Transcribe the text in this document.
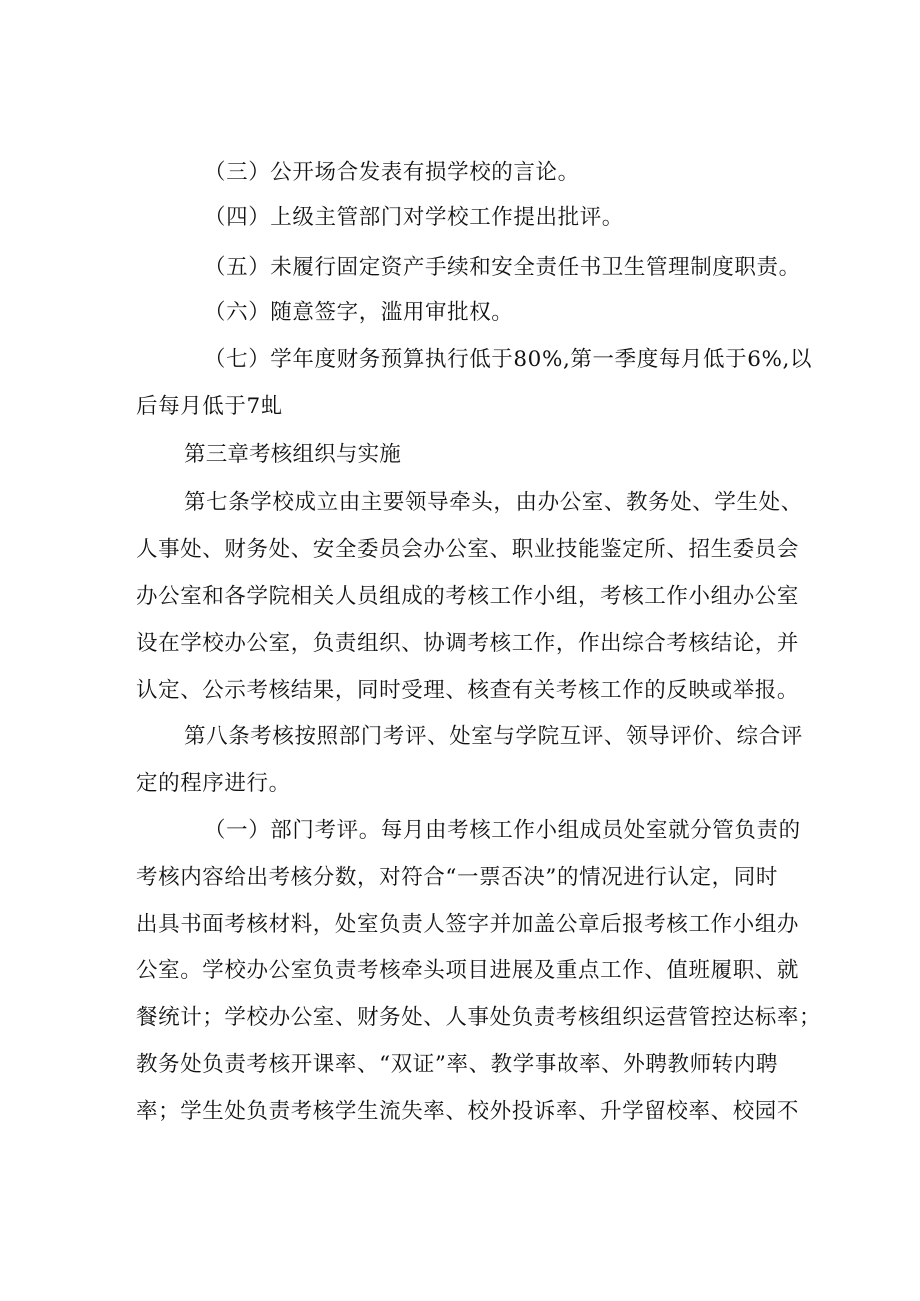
（三）公开场合发表有损学校的言论。
（四）上级主管部门对学校工作提出批评。
（五）未履行固定资产手续和安全责任书卫生管理制度职责。
（六）随意签字，滥用审批权。
（七）学年度财务预算执行低于80%,第一季度每月低于6%,以
后每月低于7虬
第三章考核组织与实施
第七条学校成立由主要领导牵头，由办公室、教务处、学生处、
人事处、财务处、安全委员会办公室、职业技能鉴定所、招生委员会
办公室和各学院相关人员组成的考核工作小组，考核工作小组办公室
设在学校办公室，负责组织、协调考核工作，作出综合考核结论，并
认定、公示考核结果，同时受理、核查有关考核工作的反映或举报。
第八条考核按照部门考评、处室与学院互评、领导评价、综合评
定的程序进行。
（一）部门考评。每月由考核工作小组成员处室就分管负责的
考核内容给出考核分数，对符合“一票否决”的情况进行认定，同时
出具书面考核材料，处室负责人签字并加盖公章后报考核工作小组办
公室。学校办公室负责考核牵头项目进展及重点工作、值班履职、就
餐统计；学校办公室、财务处、人事处负责考核组织运营管控达标率；
教务处负责考核开课率、“双证”率、教学事故率、外聘教师转内聘
率；学生处负责考核学生流失率、校外投诉率、升学留校率、校园不
